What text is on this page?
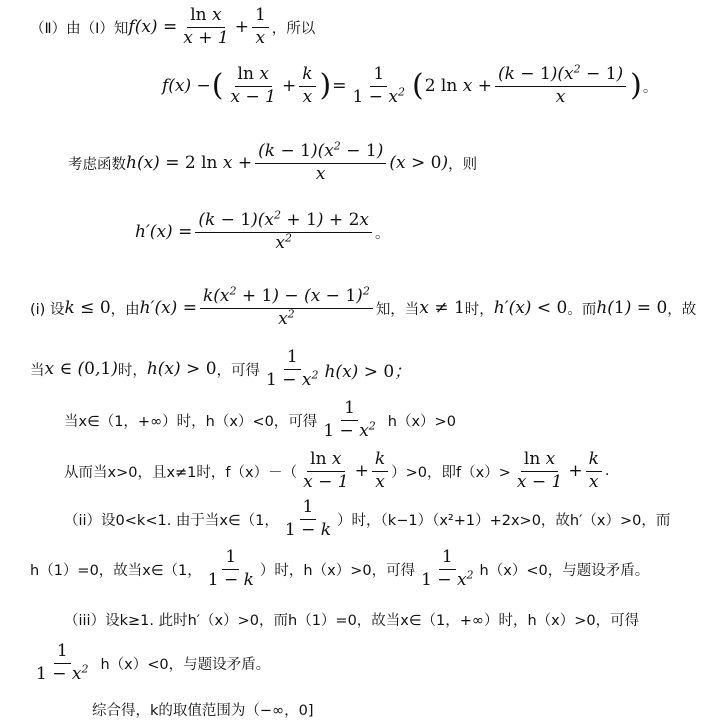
（Ⅱ）由（Ⅰ）知 $f(x) = \frac{\text{ln x}}{x + 1} + \frac{1}{x}$ ，所以
f(x) − ( $\frac{\text{ln x}}{x - 1} + \frac{k}{x}$ ) = $\frac{1}{1 - x^2}$ ( 2 $\ln x + \frac{(k - 1)(x^2 - 1)}{x}$ ) 。
考虑函数 h(x) = 2 $\ln x + \frac{(k - 1)(x^2 - 1)}{x} (x > 0)$ ，则
$h'(x) = \frac{(k - 1)(x^2 + 1) + 2x}{x^2}$ 。
(i) 设 k ≤ 0 ，由 $h'(x) = \frac{k(x^2 + 1) - (x - 1)^2}{x^2}$ 知，当 x ≠ 1 时， h′(x) < 0 。而 h(1) = 0 ，故
当 x ∈ (0,1) 时， h(x) > 0 ，可得 $\frac{1}{1 - x^2} h(x) > 0$；
当x∈（1，+∞）时，h（x）<0，可得 $\frac{1}{1 - x^2} h(x)>0$
从而当x>0，且x≠1时，$f(x)-( \frac{\text{ln x}}{x - 1} + \frac{k}{x} )>0$，即$f(x)> \frac{\text{ln x}}{x - 1} + \frac{k}{x}$ .
（ii）设0<k<1. 由于当x∈（1， $\frac{1}{1 - k}$ ）时，（k−1）（x²+1）+2x>0，故h′（x）>0，而
h（1）=0，故当x∈（1， $\frac{1}{1 - k}$ ）时，h（x）>0，可得 $\frac{1}{1 - x^2} h(x)<0$，与题设矛盾。
（iii）设k≥1. 此时h′（x）>0，而h（1）=0，故当x∈（1，+∞）时，h（x）>0，可得
$\frac{1}{1 - x^2} h(x)<0$，与题设矛盾。
综合得，k的取值范围为（−∞，0]
